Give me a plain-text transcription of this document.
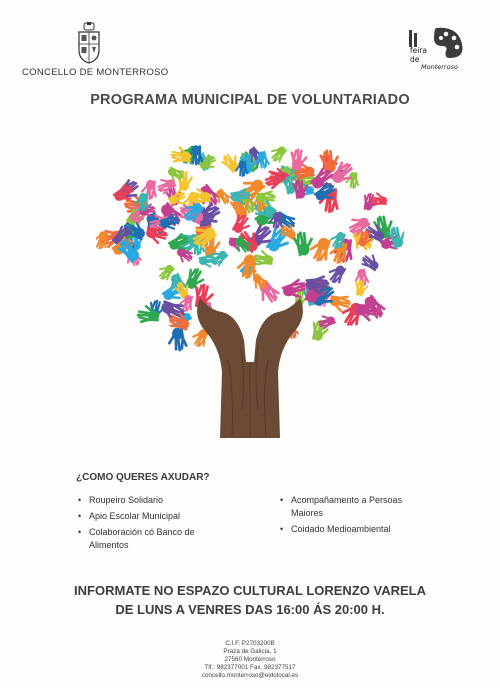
CONCELLO DE MONTERROSO
feira
de
Monterroso
PROGRAMA MUNICIPAL DE VOLUNTARIADO
¿COMO QUERES AXUDAR?
• Roupeiro Solidario
• Apio Escolar Municipal
• Colaboración có Banco de Alimentos
• Acompañamento a Persoas Maiores
• Coidado Medioambiental
INFORMATE NO ESPAZO CULTURAL LORENZO VARELA
DE LUNS A VENRES DAS 16:00 ÁS 20:00 H.
C.I.F. P2703200B
Praza de Galicia, 1
27560 Monterroso
Tlf.: 982377001 Fax. 982377517
concello.monterroso@eidolocal.es
